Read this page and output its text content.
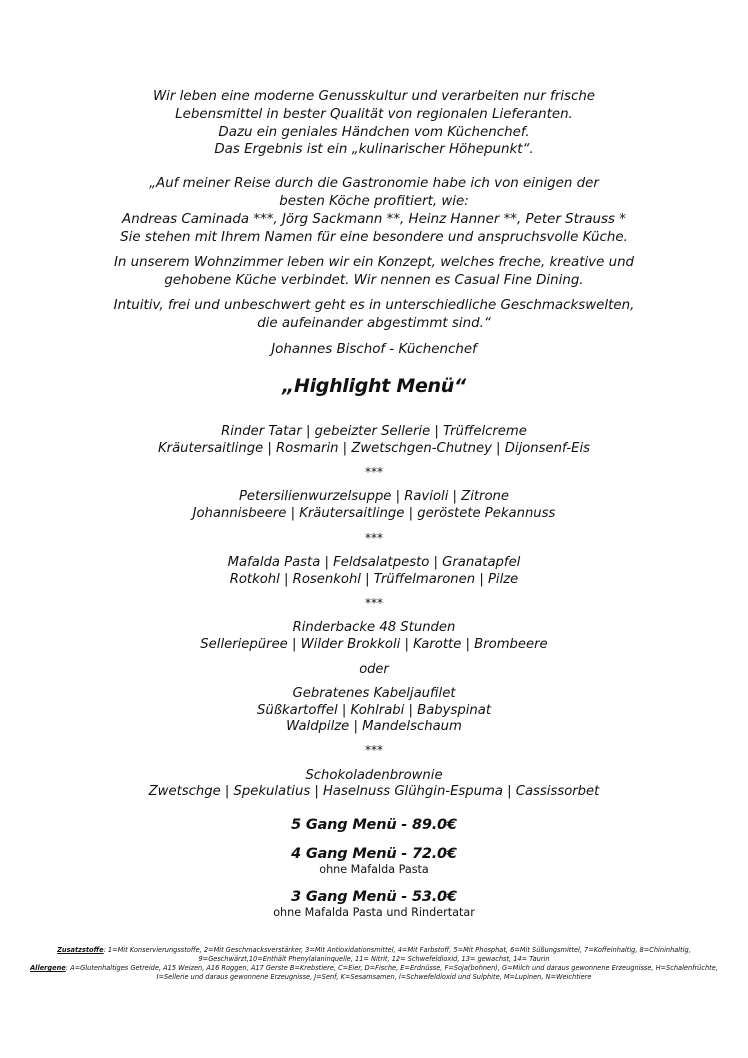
Wir leben eine moderne Genusskultur und verarbeiten nur frische
Lebensmittel in bester Qualität von regionalen Lieferanten.
Dazu ein geniales Händchen vom Küchenchef.
Das Ergebnis ist ein „kulinarischer Höhepunkt“.
„Auf meiner Reise durch die Gastronomie habe ich von einigen der
besten Köche profitiert, wie:
Andreas Caminada ***, Jörg Sackmann **, Heinz Hanner **, Peter Strauss *
Sie stehen mit Ihrem Namen für eine besondere und anspruchsvolle Küche.
In unserem Wohnzimmer leben wir ein Konzept, welches freche, kreative und
gehobene Küche verbindet. Wir nennen es Casual Fine Dining.
Intuitiv, frei und unbeschwert geht es in unterschiedliche Geschmackswelten,
die aufeinander abgestimmt sind.“
Johannes Bischof - Küchenchef
„Highlight Menü“
Rinder Tatar | gebeizter Sellerie | Trüffelcreme
Kräutersaitlinge | Rosmarin | Zwetschgen-Chutney | Dijonsenf-Eis
***
Petersilienwurzelsuppe | Ravioli | Zitrone
Johannisbeere | Kräutersaitlinge | geröstete Pekannuss
***
Mafalda Pasta | Feldsalatpesto | Granatapfel
Rotkohl | Rosenkohl | Trüffelmaronen | Pilze
***
Rinderbacke 48 Stunden
Selleriepüree | Wilder Brokkoli | Karotte | Brombeere
oder
Gebratenes Kabeljaufilet
Süßkartoffel | Kohlrabi | Babyspinat
Waldpilze | Mandelschaum
***
Schokoladenbrownie
Zwetschge | Spekulatius | Haselnuss Glühgin-Espuma | Cassissorbet
5 Gang Menü - 89.0€
4 Gang Menü - 72.0€
ohne Mafalda Pasta
3 Gang Menü - 53.0€
ohne Mafalda Pasta und Rindertatar
Zusatzstoffe: 1=Mit Konservierungsstoffe, 2=Mit Geschmacksverstärker, 3=Mit Antioxidationsmittel, 4=Mit Farbstoff, 5=Mit Phosphat, 6=Mit Süßungsmittel, 7=Koffeinhaltig, 8=Chininhaltig,
9=Geschwärzt,10=Enthält Phenylalaninquelle, 11= Nitrit, 12= Schwefeldioxid, 13= gewachst, 14= Taurin
Allergene: A=Glutenhaltiges Getreide, A15 Weizen, A16 Roggen, A17 Gerste B=Krebstiere, C=Eier, D=Fische, E=Erdnüsse, F=Soja(bohnen), G=Milch und daraus gewonnene Erzeugnisse, H=Schalenfrüchte,
I=Sellerie und daraus gewonnene Erzeugnisse, J=Senf, K=Sesamsamen, l=Schwefeldioxid und Sulphite, M=Lupinen, N=Weichtiere
